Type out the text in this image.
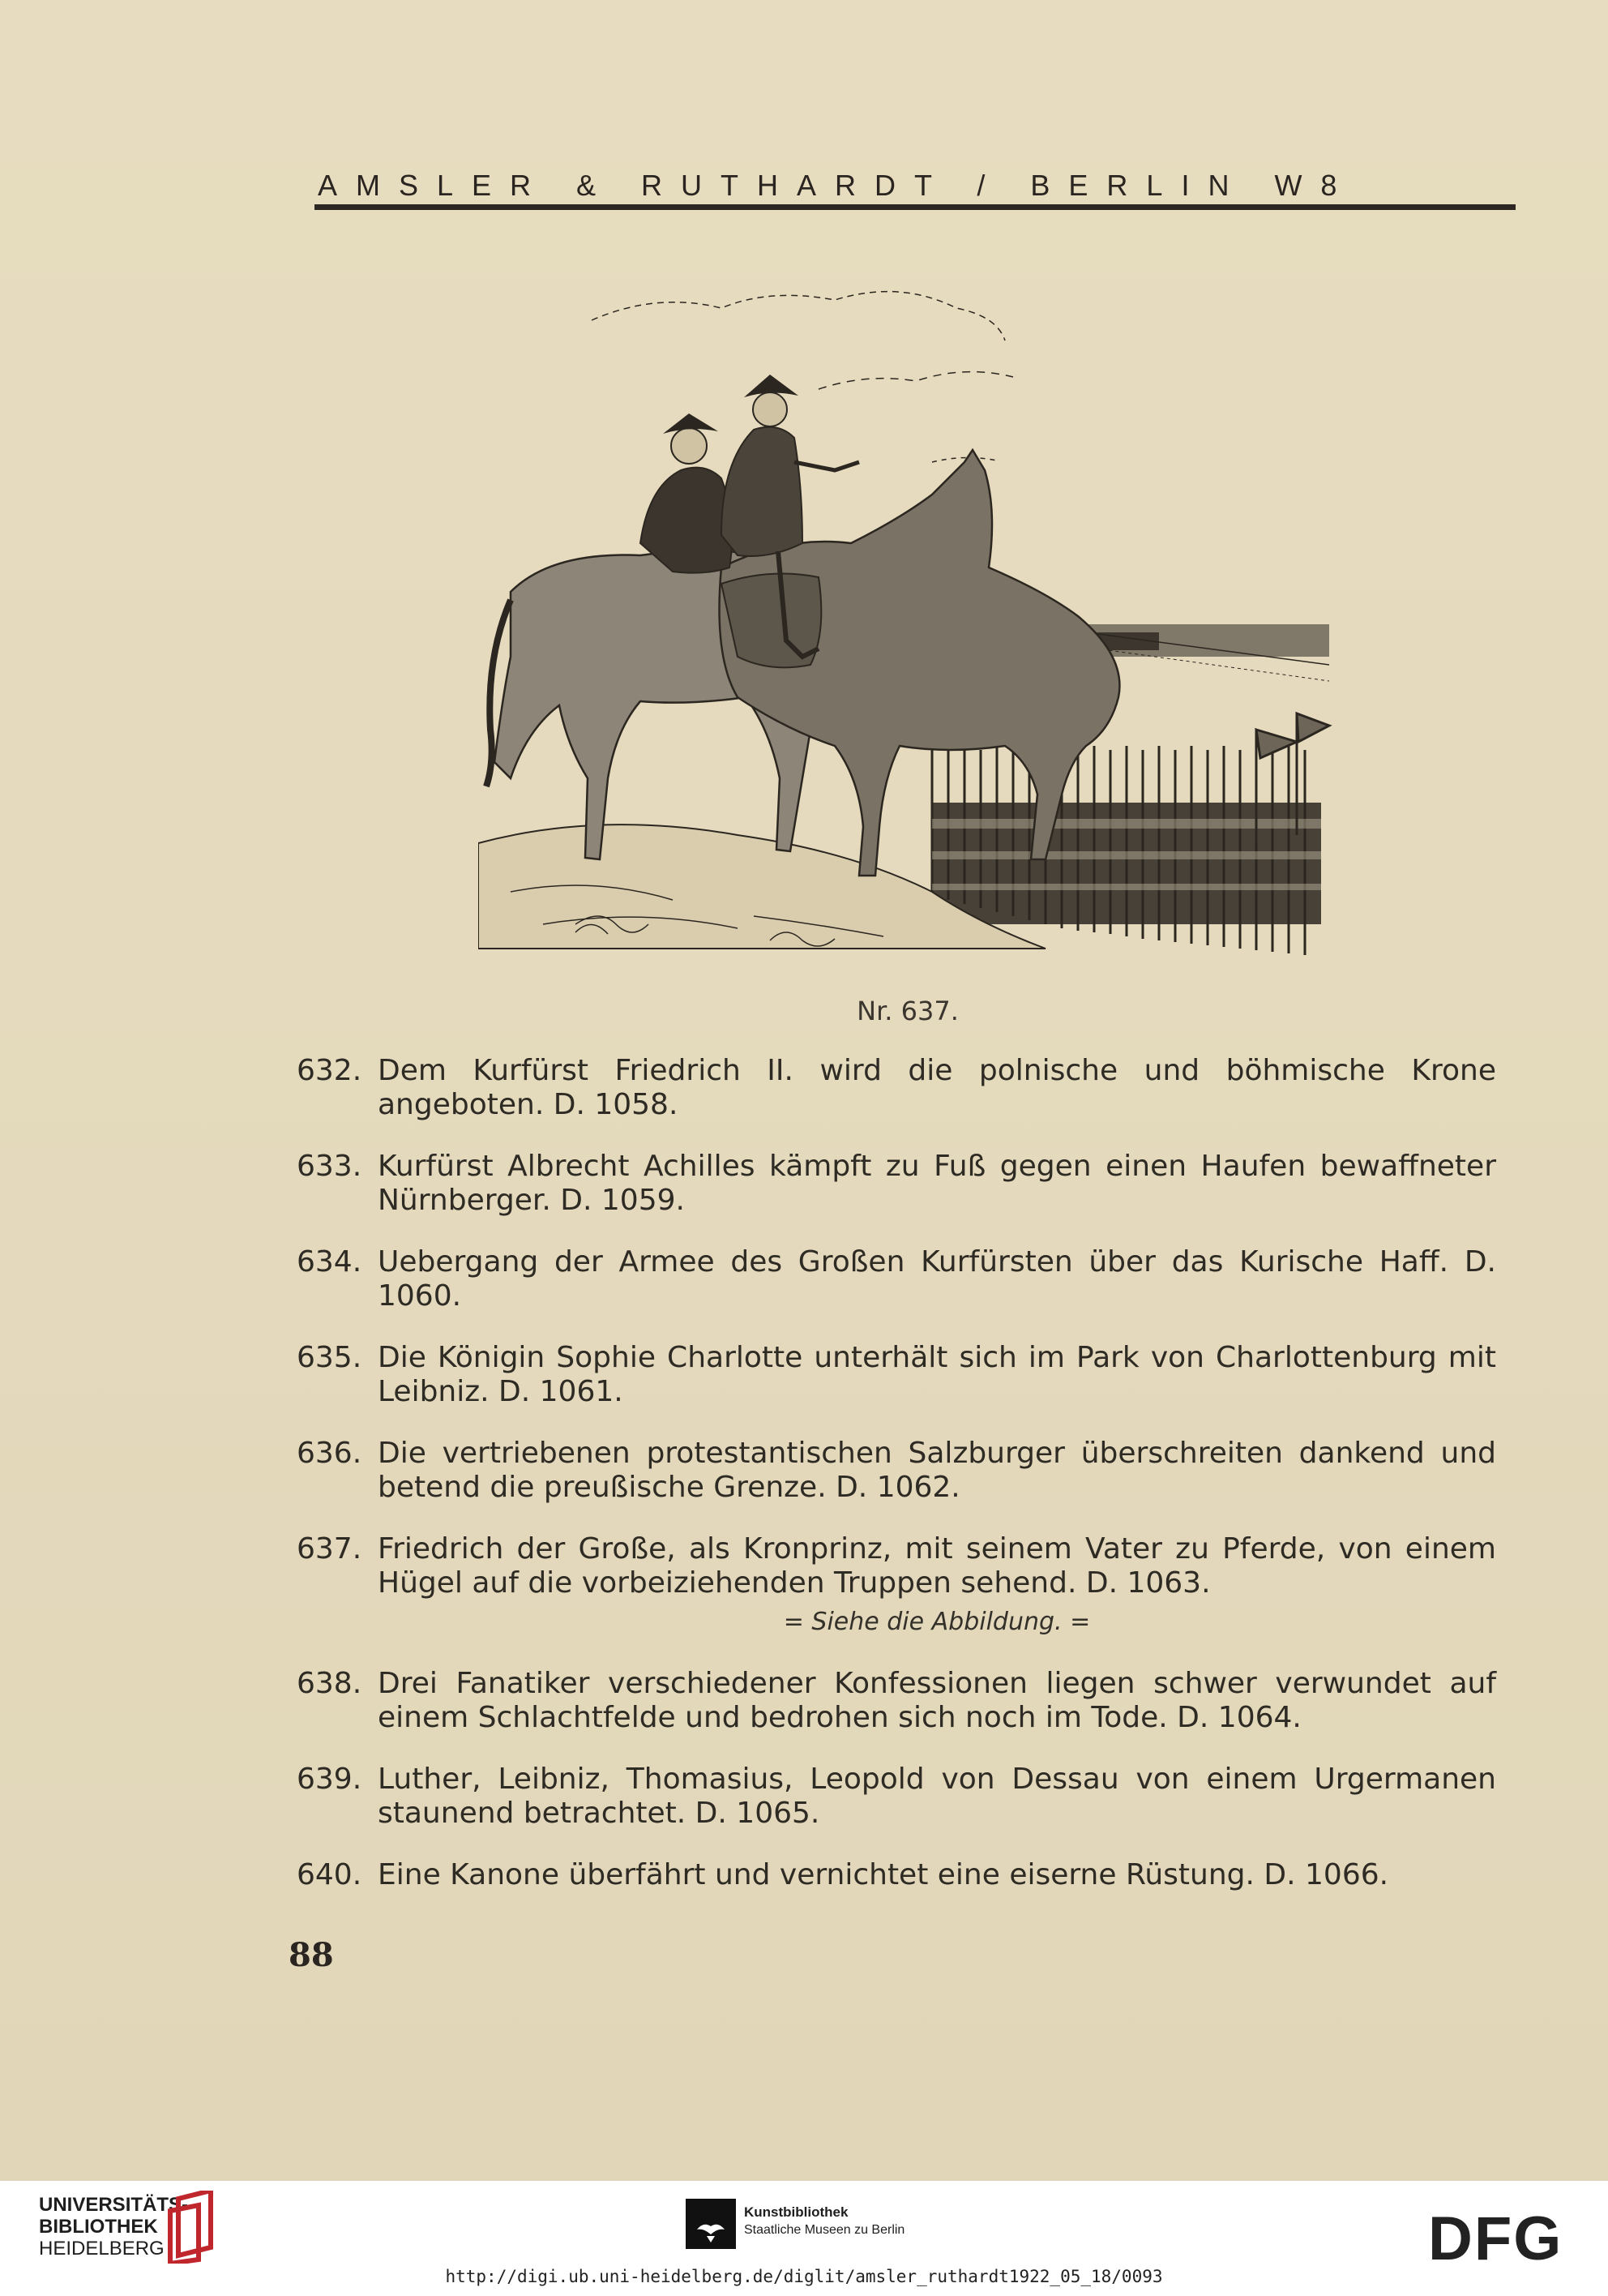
AMSLER & RUTHARDT / BERLIN W8
Nr. 637.
632. Dem Kurfürst Friedrich II. wird die polnische und böhmische Krone angeboten. D. 1058.
633. Kurfürst Albrecht Achilles kämpft zu Fuß gegen einen Haufen bewaffneter Nürnberger. D. 1059.
634. Uebergang der Armee des Großen Kurfürsten über das Kurische Haff. D. 1060.
635. Die Königin Sophie Charlotte unterhält sich im Park von Charlottenburg mit Leibniz. D. 1061.
636. Die vertriebenen protestantischen Salzburger überschreiten dankend und betend die preußische Grenze. D. 1062.
637. Friedrich der Große, als Kronprinz, mit seinem Vater zu Pferde, von einem Hügel auf die vorbeiziehenden Truppen sehend. D. 1063.
= Siehe die Abbildung. =
638. Drei Fanatiker verschiedener Konfessionen liegen schwer verwundet auf einem Schlachtfelde und bedrohen sich noch im Tode. D. 1064.
639. Luther, Leibniz, Thomasius, Leopold von Dessau von einem Urgermanen staunend betrachtet. D. 1065.
640. Eine Kanone überfährt und vernichtet eine eiserne Rüstung. D. 1066.
88
UNIVERSITÄTS-
BIBLIOTHEK
HEIDELBERG
Kunstbibliothek
Staatliche Museen zu Berlin	DFG
http://digi.ub.uni-heidelberg.de/diglit/amsler_ruthardt1922_05_18/0093
